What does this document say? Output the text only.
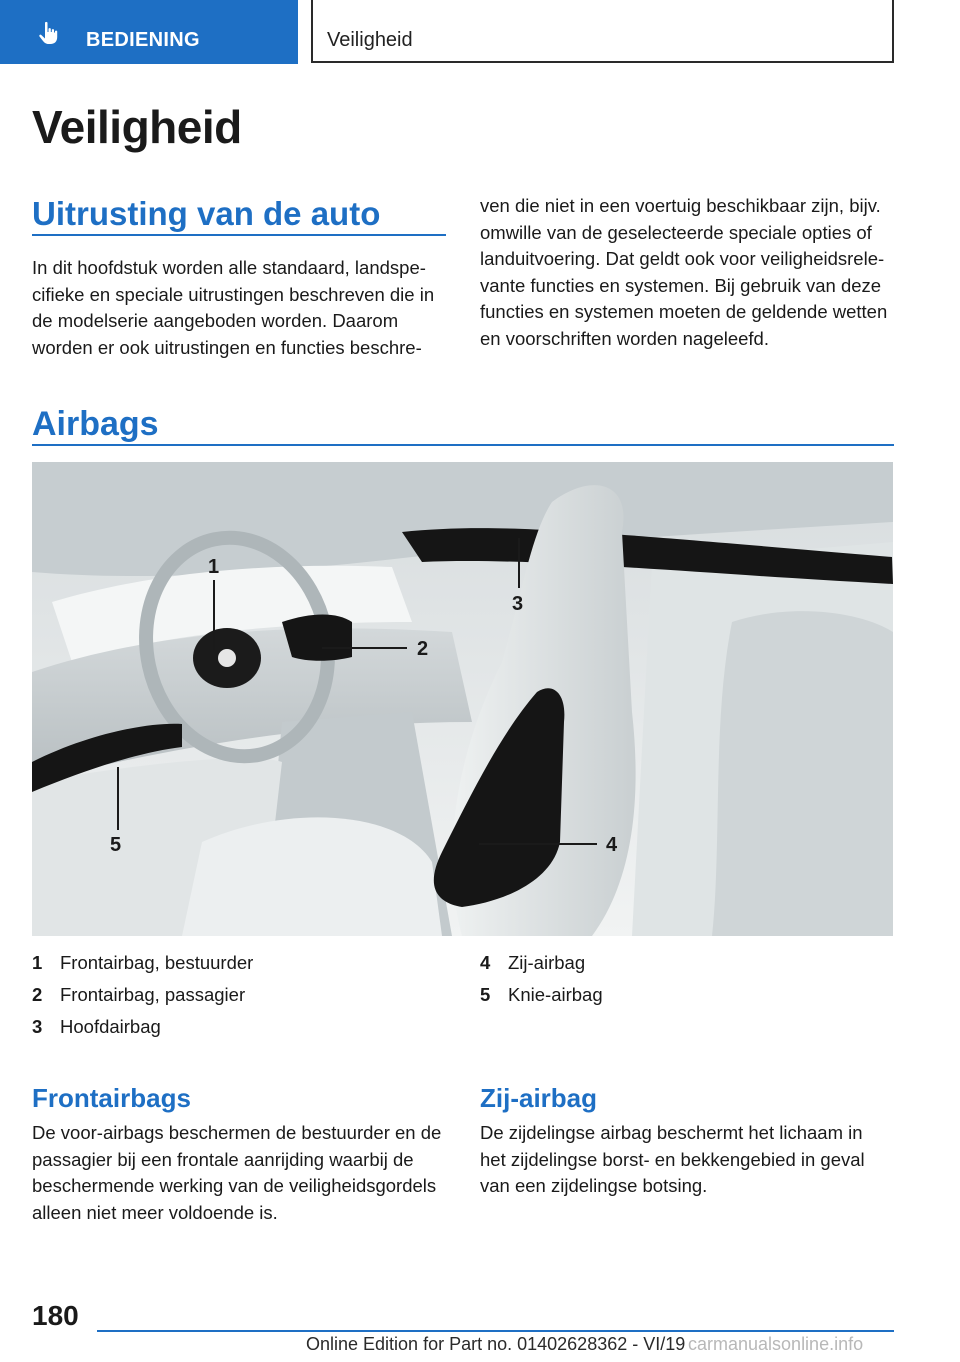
BEDIENING	Veiligheid
Veiligheid
Uitrusting van de auto

In dit hoofdstuk worden alle standaard, landspecifieke en speciale uitrustingen beschreven die in de modelserie aangeboden worden. Daarom worden er ook uitrustingen en functies beschre-

ven die niet in een voertuig beschikbaar zijn, bijv. omwille van de geselecteerde speciale opties of landuitvoering. Dat geldt ook voor veiligheidsrelevante functies en systemen. Bij gebruik van deze functies en systemen moeten de geldende wetten en voorschriften worden nageleefd.

Airbags
1
2
3
4
5
1 Frontairbag, bestuurder
2 Frontairbag, passagier
3 Hoofdairbag
4 Zij-airbag
5 Knie-airbag
Frontairbags

De voor-airbags beschermen de bestuurder en de passagier bij een frontale aanrijding waarbij de beschermende werking van de veiligheidsgordels alleen niet meer voldoende is.

Zij-airbag

De zijdelingse airbag beschermt het lichaam in het zijdelingse borst- en bekkengebied in geval van een zijdelingse botsing.

180
Online Edition for Part no. 01402628362 - VI/19 carmanualsonline.info
